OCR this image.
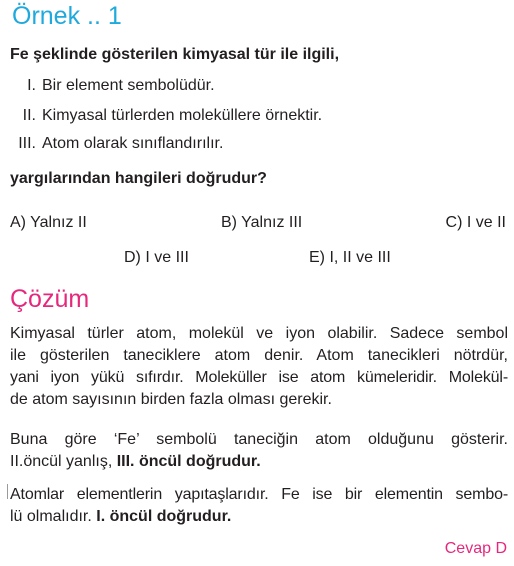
Örnek .. 1
Fe şeklinde gösterilen kimyasal tür ile ilgili,
I. Bir element sembolüdür.
II. Kimyasal türlerden moleküllere örnektir.
III. Atom olarak sınıflandırılır.
yargılarından hangileri doğrudur?
A) Yalnız II	B) Yalnız III	C) I ve II
D) I ve III	E) I, II ve III
Çözüm
Kimyasal türler atom, molekül ve iyon olabilir. Sadece sembol
ile gösterilen taneciklere atom denir. Atom tanecikleri nötrdür,
yani iyon yükü sıfırdır. Moleküller ise atom kümeleridir. Molekül-
de atom sayısının birden fazla olması gerekir.
Buna göre ‘Fe’ sembolü taneciğin atom olduğunu gösterir.
II.öncül yanlış, III. öncül doğrudur.
Atomlar elementlerin yapıtaşlarıdır. Fe ise bir elementin sembo-
lü olmalıdır. I. öncül doğrudur.
Cevap D
